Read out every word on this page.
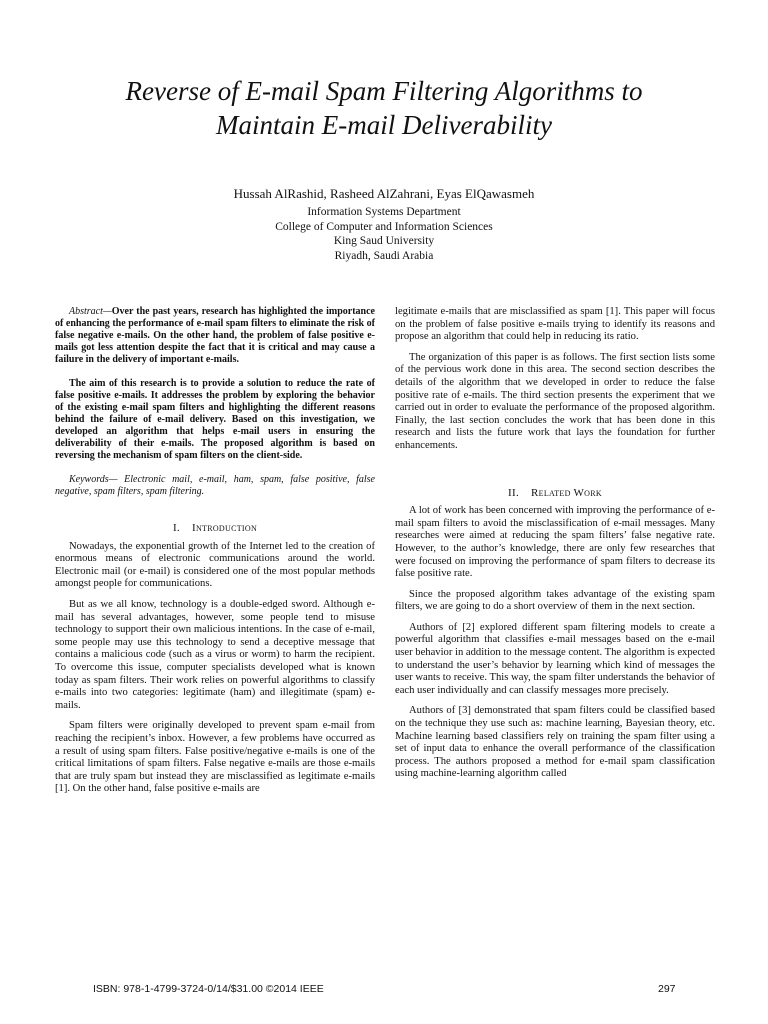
Reverse of E-mail Spam Filtering Algorithms to
Maintain E-mail Deliverability
Hussah AlRashid, Rasheed AlZahrani, Eyas ElQawasmeh
Information Systems Department
College of Computer and Information Sciences
King Saud University
Riyadh, Saudi Arabia

Abstract—Over the past years, research has highlighted the importance of enhancing the performance of e-mail spam filters to eliminate the risk of false negative e-mails. On the other hand, the problem of false positive e-mails got less attention despite the fact that it is critical and may cause a failure in the delivery of important e-mails.

The aim of this research is to provide a solution to reduce the rate of false positive e-mails. It addresses the problem by exploring the behavior of the existing e-mail spam filters and highlighting the different reasons behind the failure of e-mail delivery. Based on this investigation, we developed an algorithm that helps e-mail users in ensuring the deliverability of their e-mails. The proposed algorithm is based on reversing the mechanism of spam filters on the client-side.

Keywords— Electronic mail, e-mail, ham, spam, false positive, false negative, spam filters, spam filtering.
I. Introduction

Nowadays, the exponential growth of the Internet led to the creation of enormous means of electronic communications around the world. Electronic mail (or e-mail) is considered one of the most popular methods amongst people for communications.

But as we all know, technology is a double-edged sword. Although e-mail has several advantages, however, some people tend to misuse technology to support their own malicious intentions. In the case of e-mail, some people may use this technology to send a deceptive message that contains a malicious code (such as a virus or worm) to harm the recipient. To overcome this issue, computer specialists developed what is known today as spam filters. Their work relies on powerful algorithms to classify e-mails into two categories: legitimate (ham) and illegitimate (spam) e-mails.

Spam filters were originally developed to prevent spam e-mail from reaching the recipient’s inbox. However, a few problems have occurred as a result of using spam filters. False positive/negative e-mails is one of the critical limitations of spam filters. False negative e-mails are those e-mails that are truly spam but instead they are misclassified as legitimate e-mails [1]. On the other hand, false positive e-mails are

legitimate e-mails that are misclassified as spam [1]. This paper will focus on the problem of false positive e-mails trying to identify its reasons and propose an algorithm that could help in reducing its ratio.

The organization of this paper is as follows. The first section lists some of the pervious work done in this area. The second section describes the details of the algorithm that we developed in order to reduce the false positive rate of e-mails. The third section presents the experiment that we carried out in order to evaluate the performance of the proposed algorithm. Finally, the last section concludes the work that has been done in this research and lists the future work that lays the foundation for further enhancements.

II. Related Work

A lot of work has been concerned with improving the performance of e-mail spam filters to avoid the misclassification of e-mail messages. Many researches were aimed at reducing the spam filters’ false negative rate. However, to the author’s knowledge, there are only few researches that were focused on improving the performance of spam filters to decrease its false positive rate.

Since the proposed algorithm takes advantage of the existing spam filters, we are going to do a short overview of them in the next section.

Authors of [2] explored different spam filtering models to create a powerful algorithm that classifies e-mail messages based on the e-mail user behavior in addition to the message content. The algorithm is expected to understand the user’s behavior by learning which kind of messages the user wants to receive. This way, the spam filter understands the behavior of each user individually and can classify messages more precisely.

Authors of [3] demonstrated that spam filters could be classified based on the technique they use such as: machine learning, Bayesian theory, etc. Machine learning based classifiers rely on training the spam filter using a set of input data to enhance the overall performance of the classification process. The authors proposed a method for e-mail spam classification using machine-learning algorithm called

ISBN: 978-1-4799-3724-0/14/$31.00 ©2014 IEEE	297
